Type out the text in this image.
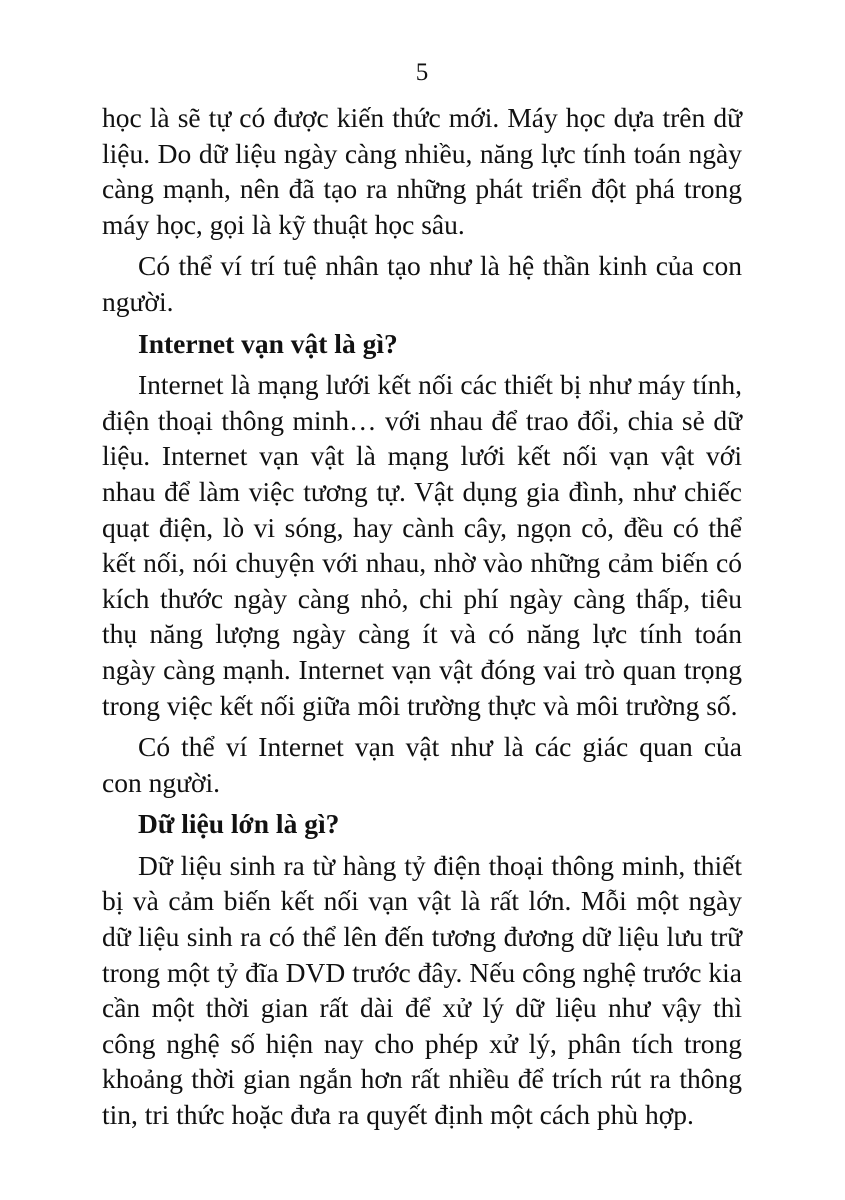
5

học là sẽ tự có được kiến thức mới. Máy học dựa trên dữ liệu. Do dữ liệu ngày càng nhiều, năng lực tính toán ngày càng mạnh, nên đã tạo ra những phát triển đột phá trong máy học, gọi là kỹ thuật học sâu.

Có thể ví trí tuệ nhân tạo như là hệ thần kinh của con người.

Internet vạn vật là gì?

Internet là mạng lưới kết nối các thiết bị như máy tính, điện thoại thông minh… với nhau để trao đổi, chia sẻ dữ liệu. Internet vạn vật là mạng lưới kết nối vạn vật với nhau để làm việc tương tự. Vật dụng gia đình, như chiếc quạt điện, lò vi sóng, hay cành cây, ngọn cỏ, đều có thể kết nối, nói chuyện với nhau, nhờ vào những cảm biến có kích thước ngày càng nhỏ, chi phí ngày càng thấp, tiêu thụ năng lượng ngày càng ít và có năng lực tính toán ngày càng mạnh. Internet vạn vật đóng vai trò quan trọng trong việc kết nối giữa môi trường thực và môi trường số.

Có thể ví Internet vạn vật như là các giác quan của con người.

Dữ liệu lớn là gì?

Dữ liệu sinh ra từ hàng tỷ điện thoại thông minh, thiết bị và cảm biến kết nối vạn vật là rất lớn. Mỗi một ngày dữ liệu sinh ra có thể lên đến tương đương dữ liệu lưu trữ trong một tỷ đĩa DVD trước đây. Nếu công nghệ trước kia cần một thời gian rất dài để xử lý dữ liệu như vậy thì công nghệ số hiện nay cho phép xử lý, phân tích trong khoảng thời gian ngắn hơn rất nhiều để trích rút ra thông tin, tri thức hoặc đưa ra quyết định một cách phù hợp.
